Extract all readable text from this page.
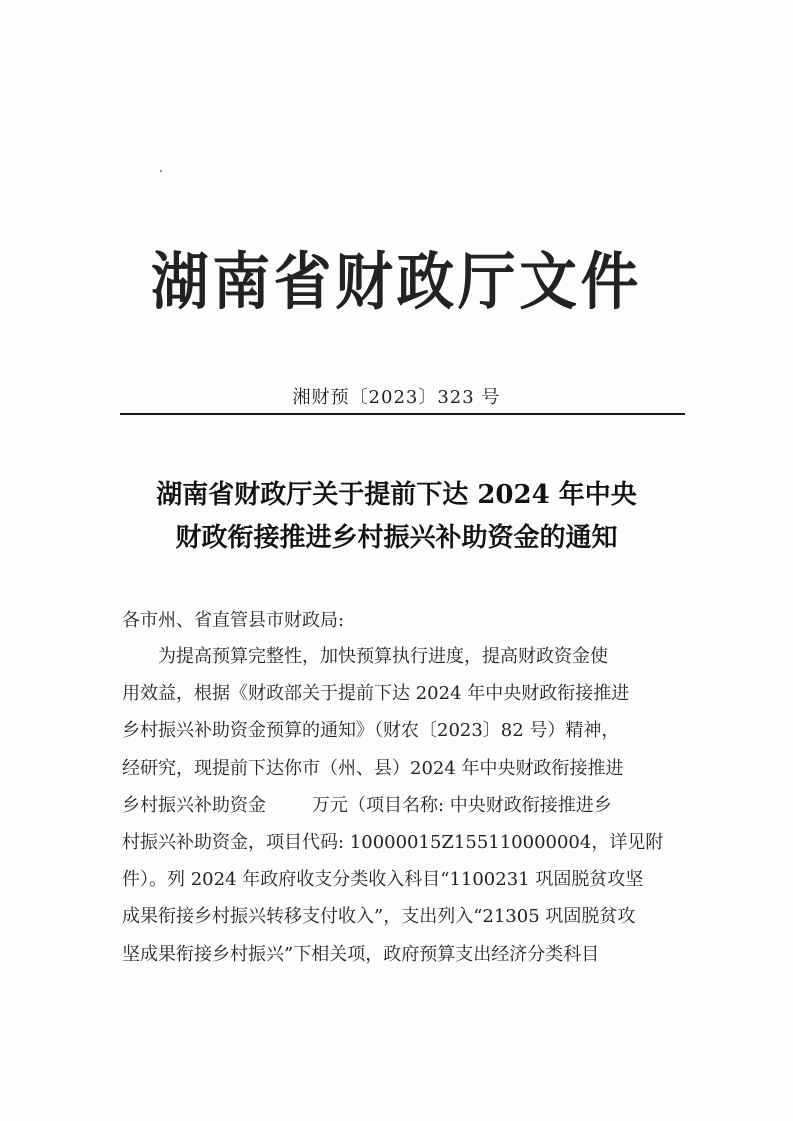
湖南省财政厅文件
湘财预〔2023〕323 号
湖南省财政厅关于提前下达 2024 年中央
财政衔接推进乡村振兴补助资金的通知
各市州、省直管县市财政局:
为提高预算完整性，加快预算执行进度，提高财政资金使
用效益，根据《财政部关于提前下达 2024 年中央财政衔接推进
乡村振兴补助资金预算的通知》（财农〔2023〕82 号）精神，
经研究，现提前下达你市（州、县）2024 年中央财政衔接推进
乡村振兴补助资金	万元（项目名称: 中央财政衔接推进乡
村振兴补助资金，项目代码: 10000015Z155110000004，详见附
件）。列 2024 年政府收支分类收入科目“1100231 巩固脱贫攻坚
成果衔接乡村振兴转移支付收入”，支出列入“21305 巩固脱贫攻
坚成果衔接乡村振兴”下相关项，政府预算支出经济分类科目
